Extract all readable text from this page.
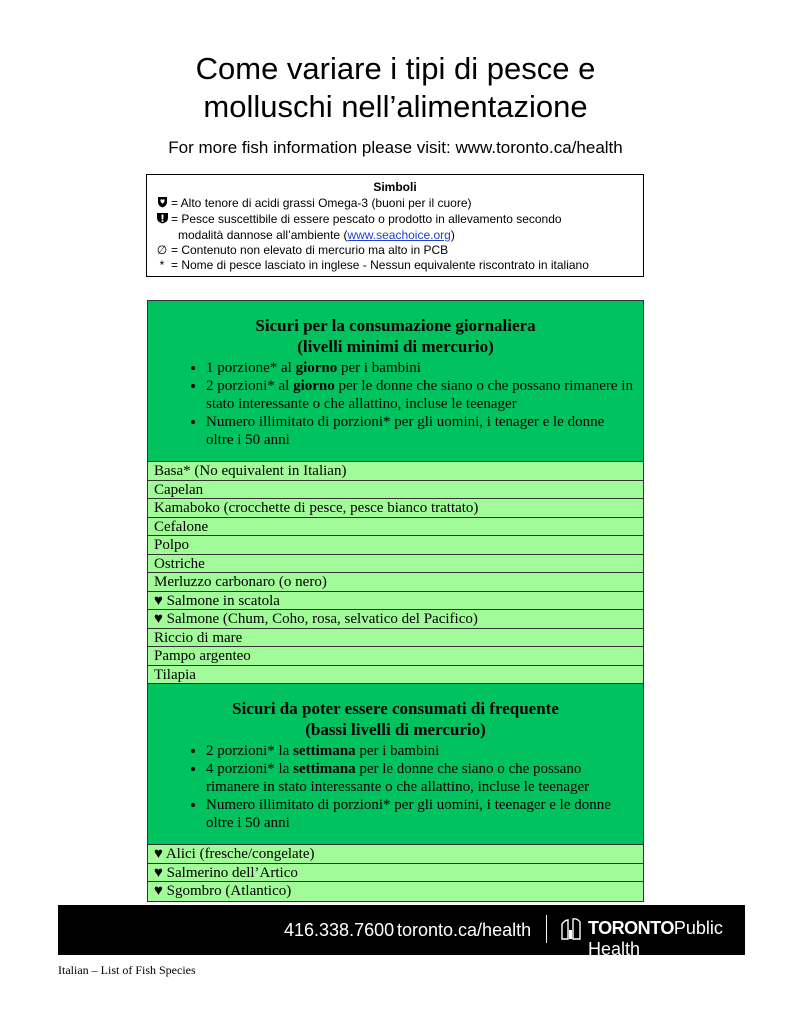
Come variare i tipi di pesce e
molluschi nell’alimentazione
For more fish information please visit: www.toronto.ca/health
Simboli
= Alto tenore di acidi grassi Omega-3 (buoni per il cuore)
= Pesce suscettibile di essere pescato o prodotto in allevamento secondo
modalità dannose all’ambiente (www.seachoice.org)
∅ = Contenuto non elevato di mercurio ma alto in PCB
* = Nome di pesce lasciato in inglese - Nessun equivalente riscontrato in italiano
Sicuri per la consumazione giornaliera
(livelli minimi di mercurio)
• 1 porzione* al giorno per i bambini
• 2 porzioni* al giorno per le donne che siano o che possano rimanere in stato interessante o che allattino, incluse le teenager
• Numero illimitato di porzioni* per gli uomini, i tenager e le donne oltre i 50 anni
Basa* (No equivalent in Italian)
Capelan
Kamaboko (crocchette di pesce, pesce bianco trattato)
Cefalone
Polpo
Ostriche
Merluzzo carbonaro (o nero)
♥ Salmone in scatola
♥ Salmone (Chum, Coho, rosa, selvatico del Pacifico)
Riccio di mare
Pampo argenteo
Tilapia
Sicuri da poter essere consumati di frequente
(bassi livelli di mercurio)
• 2 porzioni* la settimana per i bambini
• 4 porzioni* la settimana per le donne che siano o che possano rimanere in stato interessante o che allattino, incluse le teenager
• Numero illimitato di porzioni* per gli uomini, i teenager e le donne oltre i 50 anni
♥ Alici (fresche/congelate)
♥ Salmerino dell’Artico
♥ Sgombro (Atlantico)
416.338.7600 toronto.ca/health	TORONTOPublic Health
Italian – List of Fish Species
